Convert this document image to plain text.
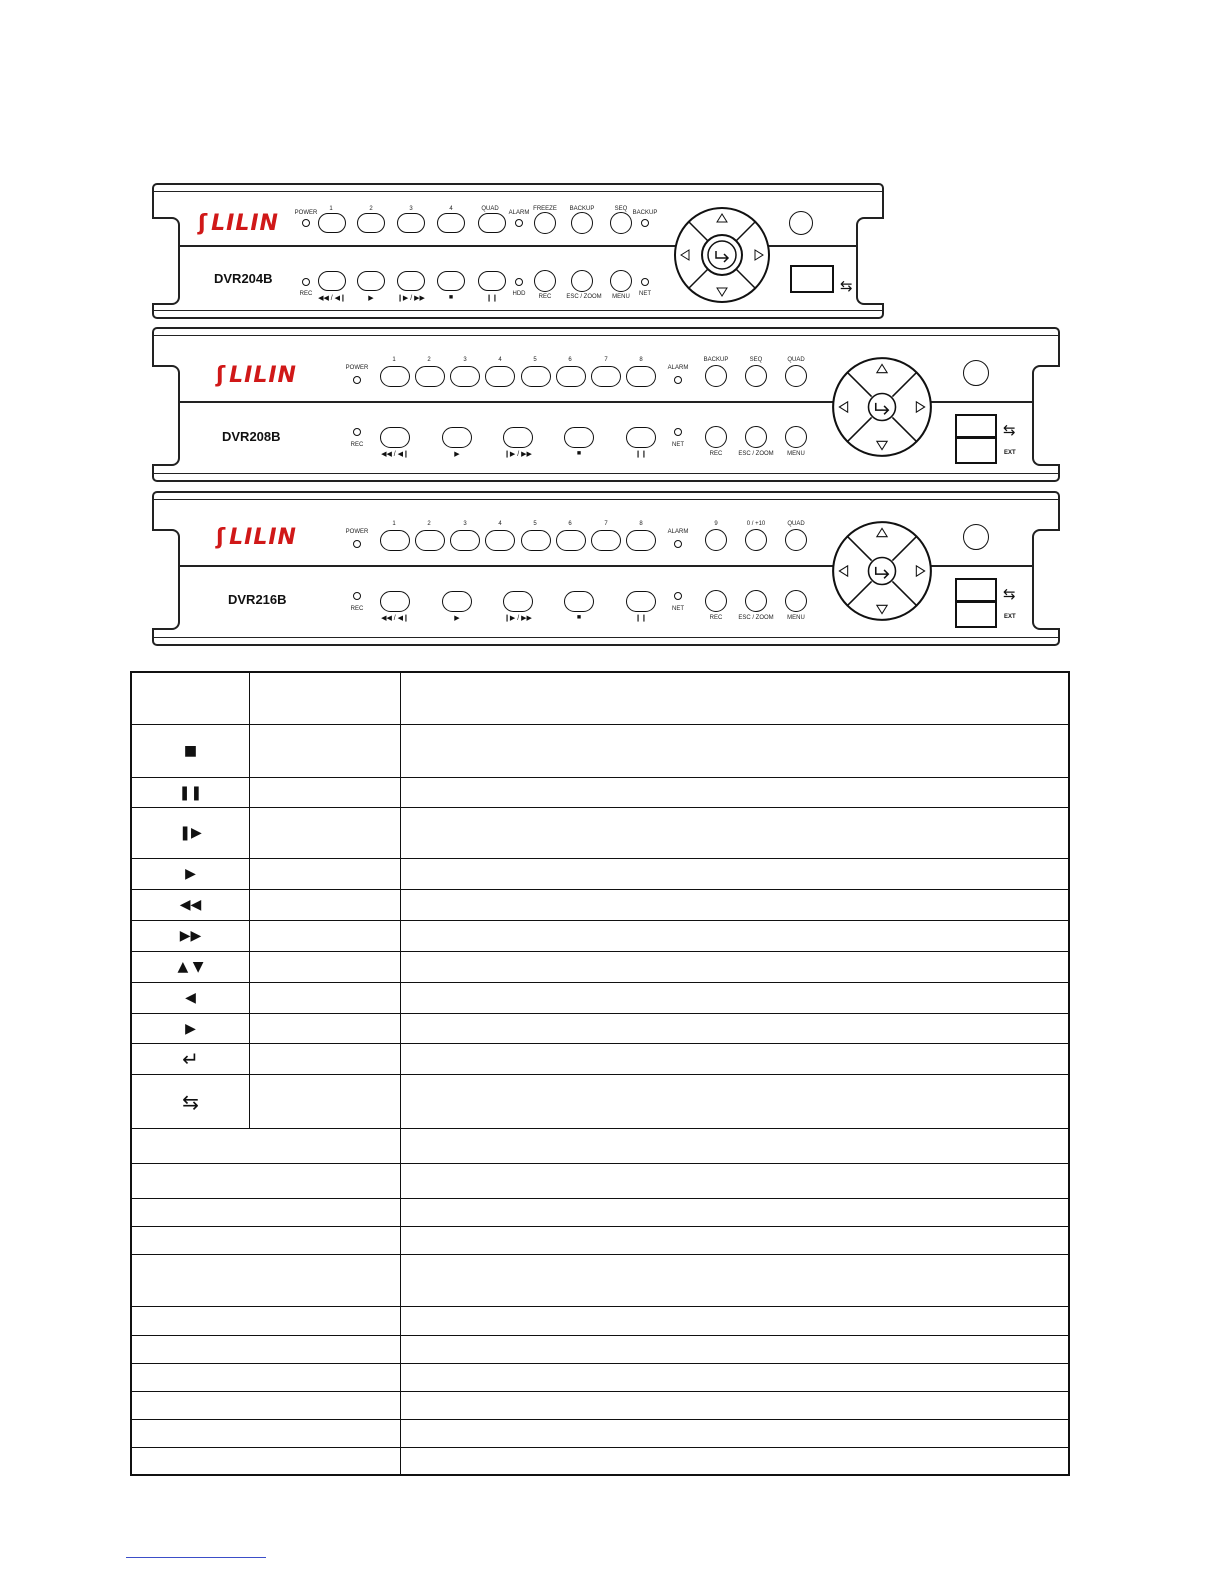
ʃ LILIN
DVR204B
POWER
1	2	3	4	QUAD
ALARM
FREEZE BACKUP	SEQ
BACKUP
REC
◀◀ / ◀❙	▶	❙▶ / ▶▶	■	❙❙
HDD REC ESC / ZOOM MENU NET	⇆
ʃ LILIN
DVR208B
POWER
1	2	3	4	5	6	7	8
ALARM
BACKUP	SEQ	QUAD
REC
◀◀ / ◀❙	▶	❙▶ / ▶▶	■	❙❙
NET
REC	ESC / ZOOM MENU
⇆
EXT
ʃ LILIN
DVR216B
POWER
1	2	3	4	5	6	7	8
ALARM
9	0 / +10	QUAD
REC
◀◀ / ◀❙	▶	❙▶ / ▶▶	■	❙❙
NET
REC	ESC / ZOOM MENU
⇆
EXT
■
❚❚
❚▶
▶
◀◀
▶▶
▲ ▼
◀
▶
↵
⇆
